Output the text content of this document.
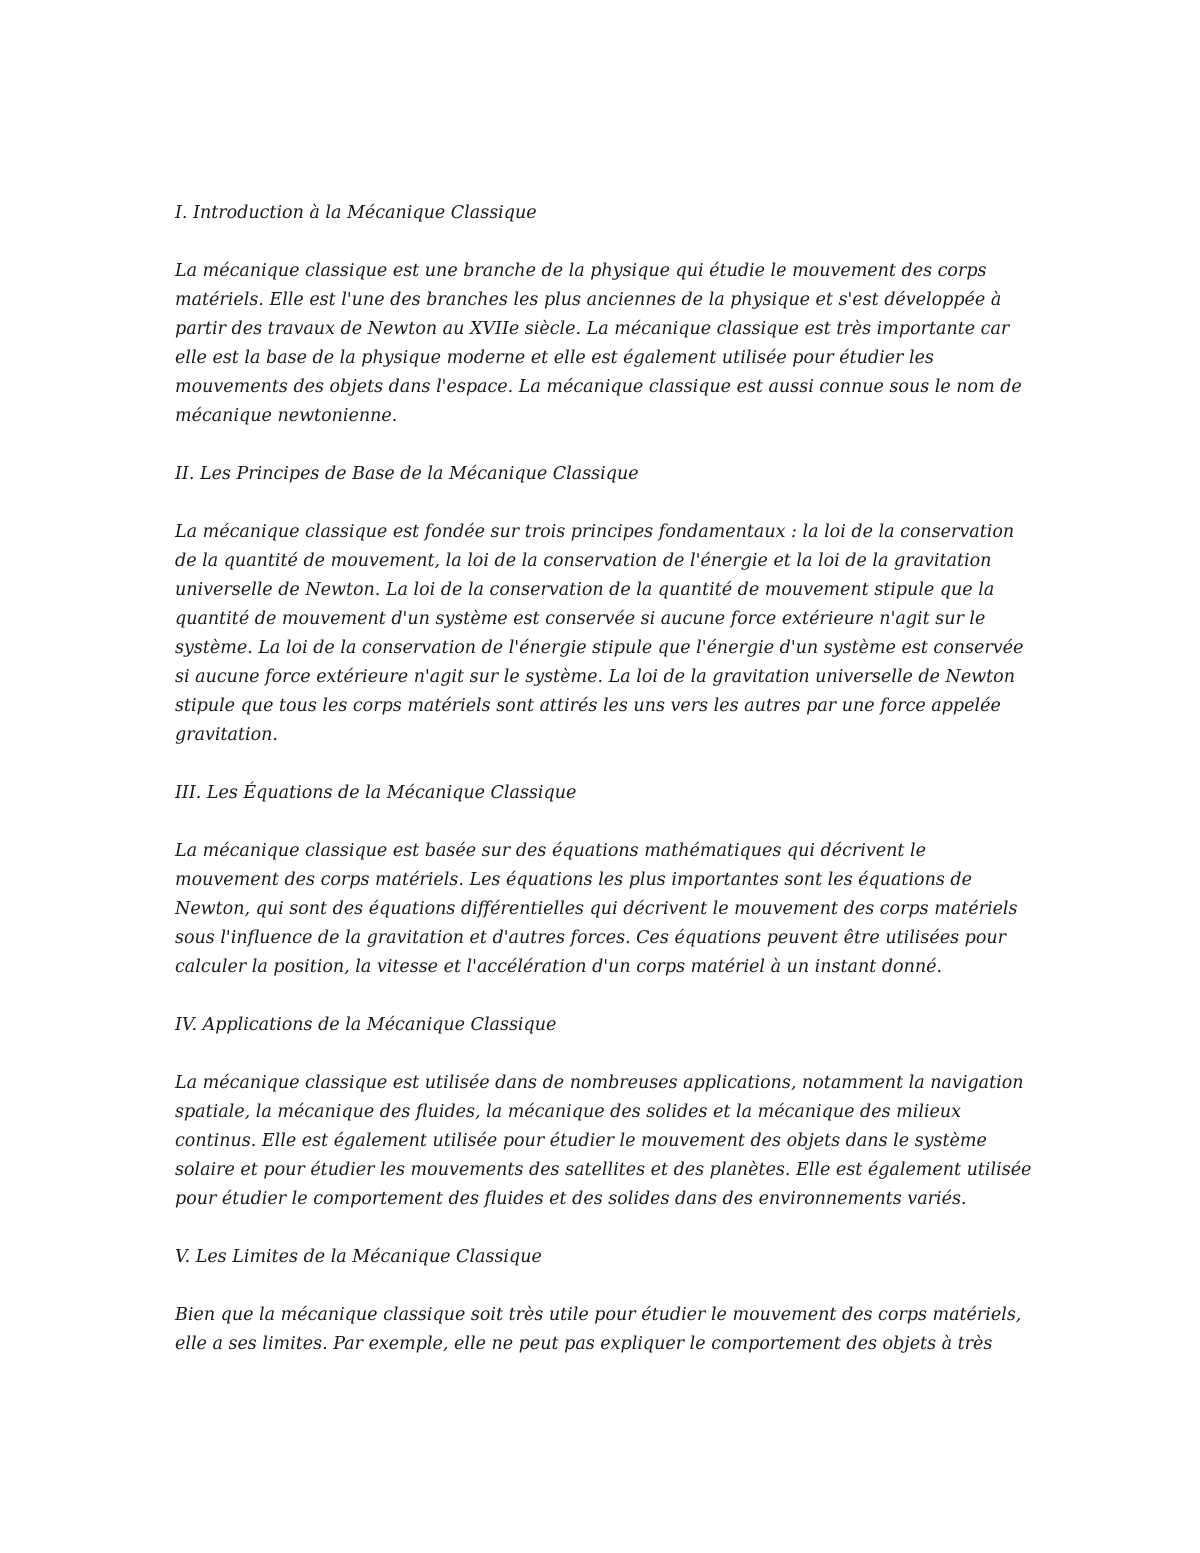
I. Introduction à la Mécanique Classique

La mécanique classique est une branche de la physique qui étudie le mouvement des corps matériels. Elle est l'une des branches les plus anciennes de la physique et s'est développée à partir des travaux de Newton au XVIIe siècle. La mécanique classique est très importante car elle est la base de la physique moderne et elle est également utilisée pour étudier les mouvements des objets dans l'espace. La mécanique classique est aussi connue sous le nom de mécanique newtonienne.

II. Les Principes de Base de la Mécanique Classique

La mécanique classique est fondée sur trois principes fondamentaux : la loi de la conservation de la quantité de mouvement, la loi de la conservation de l'énergie et la loi de la gravitation universelle de Newton. La loi de la conservation de la quantité de mouvement stipule que la quantité de mouvement d'un système est conservée si aucune force extérieure n'agit sur le système. La loi de la conservation de l'énergie stipule que l'énergie d'un système est conservée si aucune force extérieure n'agit sur le système. La loi de la gravitation universelle de Newton stipule que tous les corps matériels sont attirés les uns vers les autres par une force appelée gravitation.

III. Les Équations de la Mécanique Classique

La mécanique classique est basée sur des équations mathématiques qui décrivent le mouvement des corps matériels. Les équations les plus importantes sont les équations de Newton, qui sont des équations différentielles qui décrivent le mouvement des corps matériels sous l'influence de la gravitation et d'autres forces. Ces équations peuvent être utilisées pour calculer la position, la vitesse et l'accélération d'un corps matériel à un instant donné.

IV. Applications de la Mécanique Classique

La mécanique classique est utilisée dans de nombreuses applications, notamment la navigation spatiale, la mécanique des fluides, la mécanique des solides et la mécanique des milieux continus. Elle est également utilisée pour étudier le mouvement des objets dans le système solaire et pour étudier les mouvements des satellites et des planètes. Elle est également utilisée pour étudier le comportement des fluides et des solides dans des environnements variés.

V. Les Limites de la Mécanique Classique

Bien que la mécanique classique soit très utile pour étudier le mouvement des corps matériels, elle a ses limites. Par exemple, elle ne peut pas expliquer le comportement des objets à très
